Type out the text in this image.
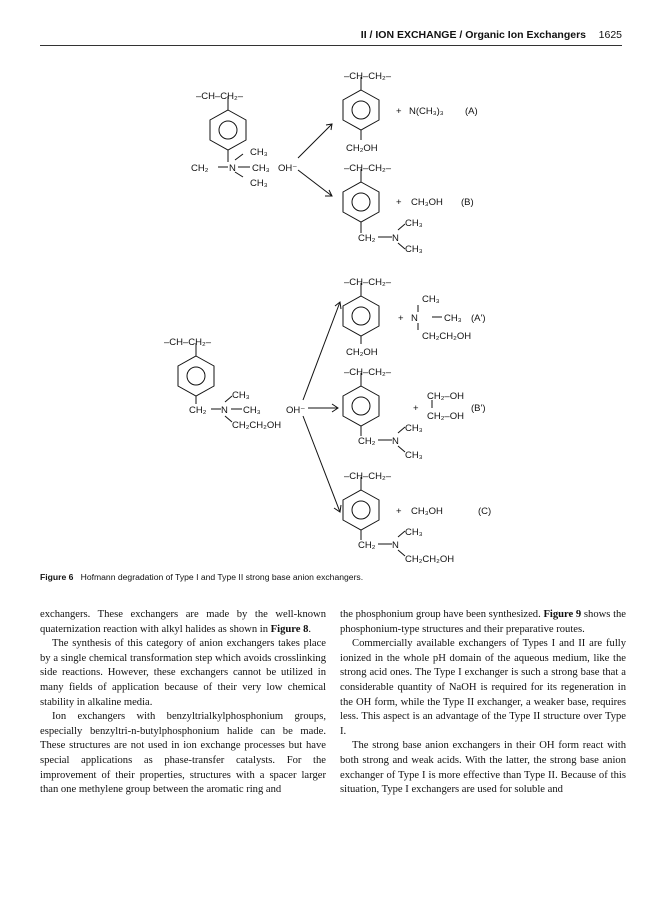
II / ION EXCHANGE / Organic Ion Exchangers 1625
–CH–CH₂–
CH₂ N
CH₃
CH₃
CH₃
OH⁻
–CH–CH₂–
+ N(CH₃)₃ (A)
CH₂OH
–CH–CH₂–
+ CH₃OH (B)
CH₃
CH₂ N
CH₃
–CH–CH₂–
CH₂ N
CH₃
CH₃
CH₂CH₂OH
OH⁻
–CH–CH₂–
CH₃
+ N	CH₃ (A')
CH₂CH₂OH
CH₂OH
–CH–CH₂–
CH₂–OH
+
CH₂–OH
(B')
CH₃
CH₂ N
CH₃
–CH–CH₂–
+ CH₃OH	(C)
CH₃
CH₂ N
CH₂CH₂OH
Figure 6 Hofmann degradation of Type I and Type II strong base anion exchangers.

exchangers. These exchangers are made by the well-known quaternization reaction with alkyl halides as shown in Figure 8.

The synthesis of this category of anion exchangers takes place by a single chemical transformation step which avoids crosslinking side reactions. However, these exchangers cannot be utilized in many fields of application because of their very low chemical stability in alkaline media.

Ion exchangers with benzyltrialkylphosphonium groups, especially benzyltri-n-butylphosphonium halide can be made. These structures are not used in ion exchange processes but have special applications as phase-transfer catalysts. For the improvement of their properties, structures with a spacer larger than one methylene group between the aromatic ring and

the phosphonium group have been synthesized. Figure 9 shows the phosphonium-type structures and their preparative routes.

Commercially available exchangers of Types I and II are fully ionized in the whole pH domain of the aqueous medium, like the strong acid ones. The Type I exchanger is such a strong base that a considerable quantity of NaOH is required for its regeneration in the OH form, while the Type II exchanger, a weaker base, requires less. This aspect is an advantage of the Type II structure over Type I.

The strong base anion exchangers in their OH form react with both strong and weak acids. With the latter, the strong base anion exchanger of Type I is more effective than Type II. Because of this situation, Type I exchangers are used for soluble and
